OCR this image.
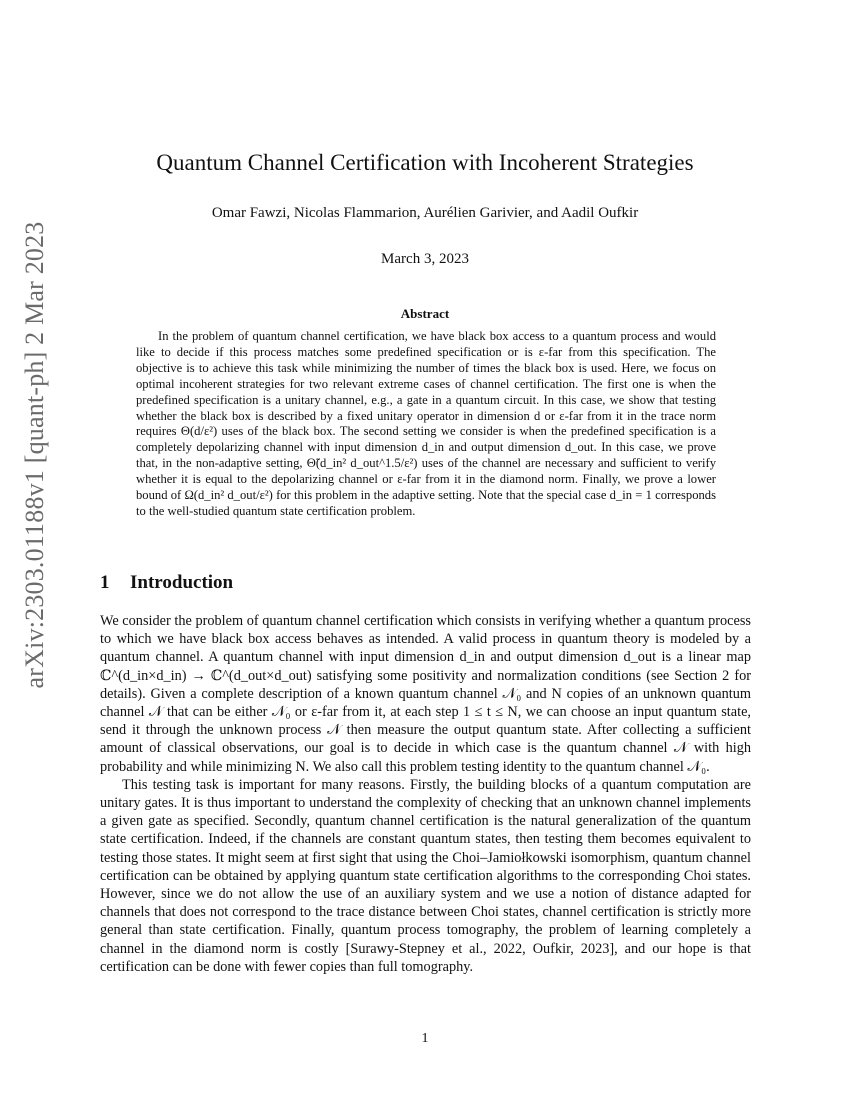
arXiv:2303.01188v1 [quant-ph] 2 Mar 2023
Quantum Channel Certification with Incoherent Strategies
Omar Fawzi, Nicolas Flammarion, Aurélien Garivier, and Aadil Oufkir
March 3, 2023
Abstract

In the problem of quantum channel certification, we have black box access to a quantum process and would like to decide if this process matches some predefined specification or is ε-far from this specification. The objective is to achieve this task while minimizing the number of times the black box is used. Here, we focus on optimal incoherent strategies for two relevant extreme cases of channel certification. The first one is when the predefined specification is a unitary channel, e.g., a gate in a quantum circuit. In this case, we show that testing whether the black box is described by a fixed unitary operator in dimension d or ε-far from it in the trace norm requires Θ(d/ε²) uses of the black box. The second setting we consider is when the predefined specification is a completely depolarizing channel with input dimension d_in and output dimension d_out. In this case, we prove that, in the non-adaptive setting, Θ̃(d_in² d_out^1.5/ε²) uses of the channel are necessary and sufficient to verify whether it is equal to the depolarizing channel or ε-far from it in the diamond norm. Finally, we prove a lower bound of Ω(d_in² d_out/ε²) for this problem in the adaptive setting. Note that the special case d_in = 1 corresponds to the well-studied quantum state certification problem.

1 Introduction

We consider the problem of quantum channel certification which consists in verifying whether a quantum process to which we have black box access behaves as intended. A valid process in quantum theory is modeled by a quantum channel. A quantum channel with input dimension d_in and output dimension d_out is a linear map ℂ^(d_in×d_in) → ℂ^(d_out×d_out) satisfying some positivity and normalization conditions (see Section 2 for details). Given a complete description of a known quantum channel 𝒩₀ and N copies of an unknown quantum channel 𝒩 that can be either 𝒩₀ or ε-far from it, at each step 1 ≤ t ≤ N, we can choose an input quantum state, send it through the unknown process 𝒩 then measure the output quantum state. After collecting a sufficient amount of classical observations, our goal is to decide in which case is the quantum channel 𝒩 with high probability and while minimizing N. We also call this problem testing identity to the quantum channel 𝒩₀.

This testing task is important for many reasons. Firstly, the building blocks of a quantum computation are unitary gates. It is thus important to understand the complexity of checking that an unknown channel implements a given gate as specified. Secondly, quantum channel certification is the natural generalization of the quantum state certification. Indeed, if the channels are constant quantum states, then testing them becomes equivalent to testing those states. It might seem at first sight that using the Choi–Jamiołkowski isomorphism, quantum channel certification can be obtained by applying quantum state certification algorithms to the corresponding Choi states. However, since we do not allow the use of an auxiliary system and we use a notion of distance adapted for channels that does not correspond to the trace distance between Choi states, channel certification is strictly more general than state certification. Finally, quantum process tomography, the problem of learning completely a channel in the diamond norm is costly [Surawy-Stepney et al., 2022, Oufkir, 2023], and our hope is that certification can be done with fewer copies than full tomography.

1
